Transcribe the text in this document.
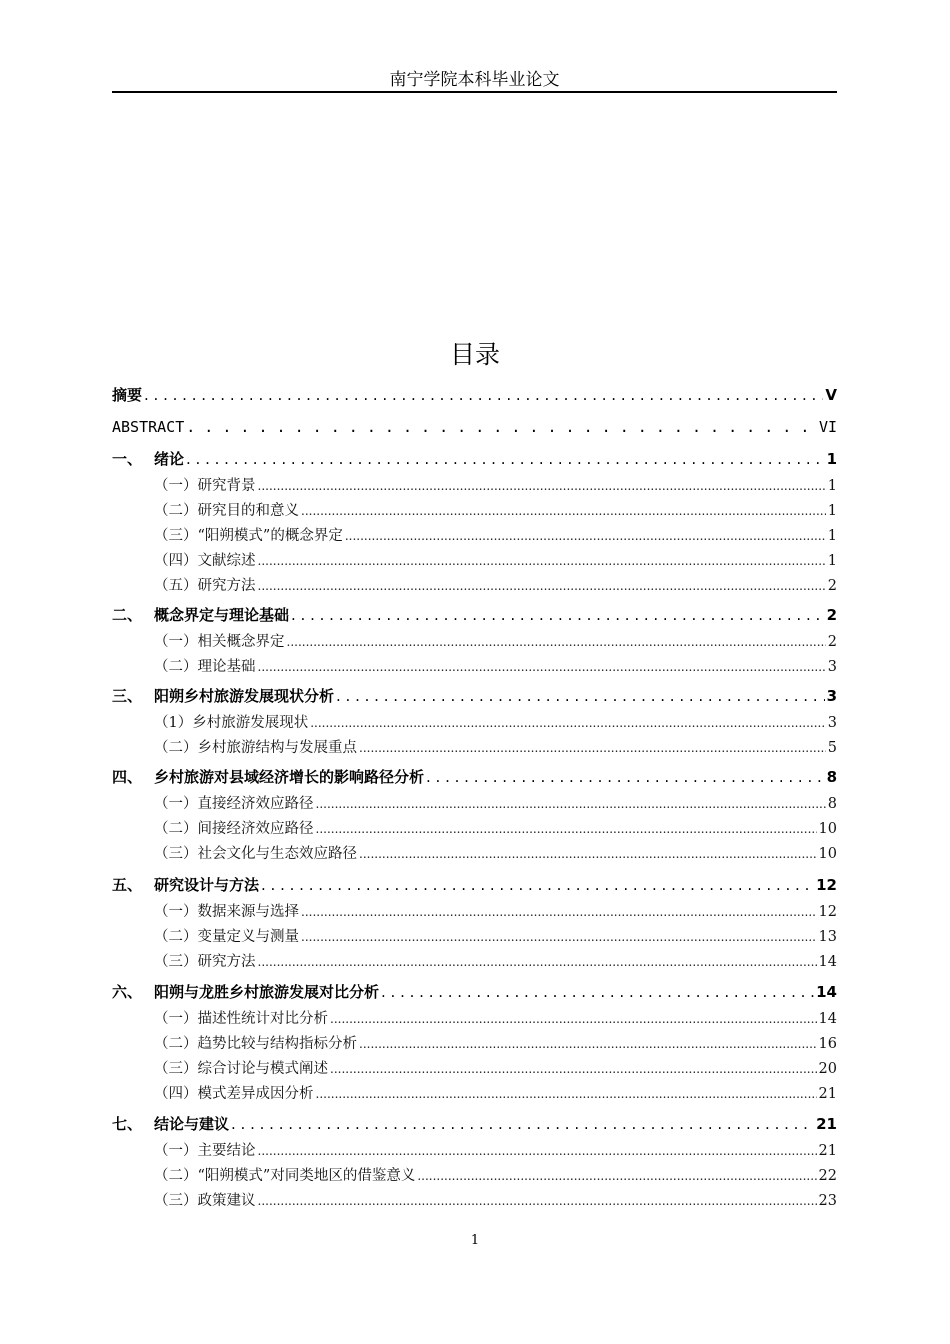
南宁学院本科毕业论文
目录
摘要 . . .	V
ABSTRACT . . .	VI
一、 绪论 . . .	1
（一）研究背景 .....	1
（二）研究目的和意义 .....	1
（三）“阳朔模式”的概念界定 .....	1
（四）文献综述 .....	1
（五）研究方法 .....	2
二、 概念界定与理论基础 . . .	2
（一）相关概念界定 .....	2
（二）理论基础 .....	3
三、 阳朔乡村旅游发展现状分析 . . .	3
（1）乡村旅游发展现状 .....	3
（二）乡村旅游结构与发展重点 .....	5
四、 乡村旅游对县域经济增长的影响路径分析 . . .	8
（一）直接经济效应路径 .....	8
（二）间接经济效应路径 .....	10
（三）社会文化与生态效应路径 .....	10
五、 研究设计与方法 . . .	12
（一）数据来源与选择 .....	12
（二）变量定义与测量 .....	13
（三）研究方法 .....	14
六、 阳朔与龙胜乡村旅游发展对比分析 . . .	14
（一）描述性统计对比分析 .....	14
（二）趋势比较与结构指标分析 .....	16
（三）综合讨论与模式阐述 .....	20
（四）模式差异成因分析 .....	21
七、 结论与建议 . . .	21
（一）主要结论 .....	21
（二）“阳朔模式”对同类地区的借鉴意义 .....	22
（三）政策建议 .....	23
1
